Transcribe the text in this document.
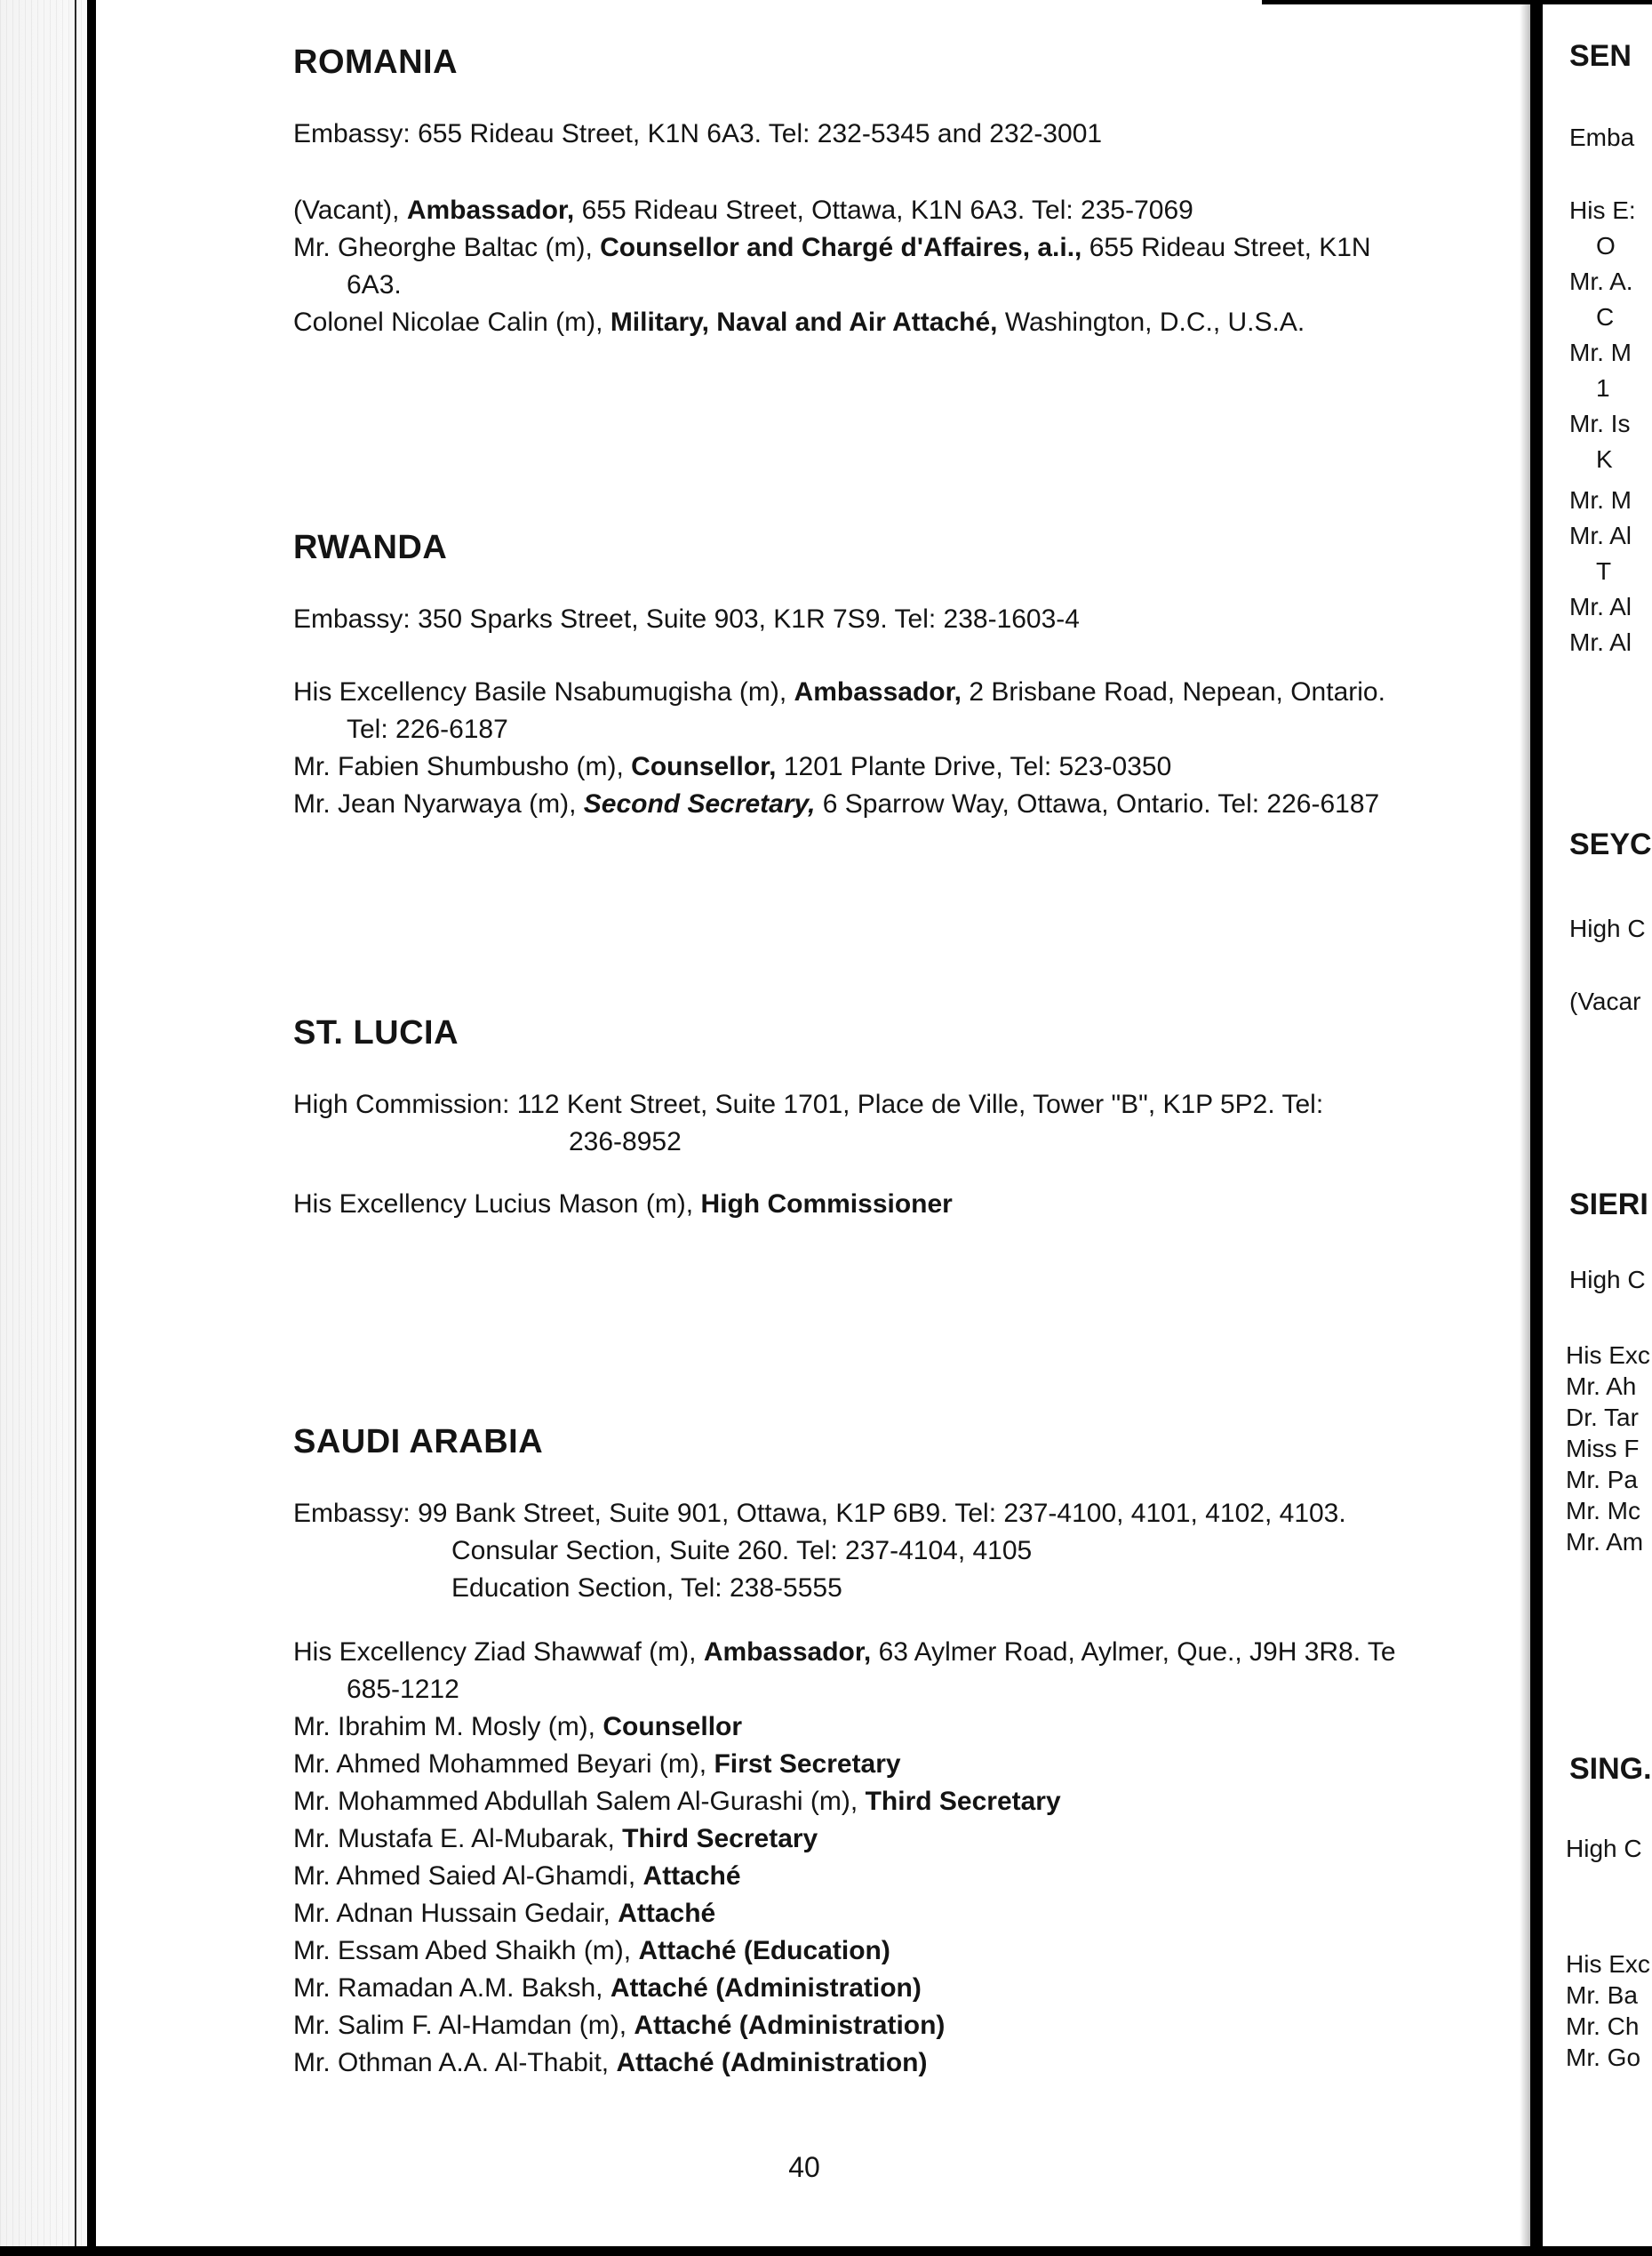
ROMANIA

Embassy: 655 Rideau Street, K1N 6A3. Tel: 232-5345 and 232-3001

(Vacant), Ambassador, 655 Rideau Street, Ottawa, K1N 6A3. Tel: 235-7069

Mr. Gheorghe Baltac (m), Counsellor and Chargé d'Affaires, a.i., 655 Rideau Street, K1N

6A3.

Colonel Nicolae Calin (m), Military, Naval and Air Attaché, Washington, D.C., U.S.A.

RWANDA

Embassy: 350 Sparks Street, Suite 903, K1R 7S9. Tel: 238-1603-4

His Excellency Basile Nsabumugisha (m), Ambassador, 2 Brisbane Road, Nepean, Ontario.

Tel: 226-6187

Mr. Fabien Shumbusho (m), Counsellor, 1201 Plante Drive, Tel: 523-0350

Mr. Jean Nyarwaya (m), Second Secretary, 6 Sparrow Way, Ottawa, Ontario. Tel: 226-6187

ST. LUCIA

High Commission: 112 Kent Street, Suite 1701, Place de Ville, Tower "B", K1P 5P2. Tel:

236-8952

His Excellency Lucius Mason (m), High Commissioner

SAUDI ARABIA

Embassy: 99 Bank Street, Suite 901, Ottawa, K1P 6B9. Tel: 237-4100, 4101, 4102, 4103.

Consular Section, Suite 260. Tel: 237-4104, 4105

Education Section, Tel: 238-5555

His Excellency Ziad Shawwaf (m), Ambassador, 63 Aylmer Road, Aylmer, Que., J9H 3R8. Te

685-1212

Mr. Ibrahim M. Mosly (m), Counsellor

Mr. Ahmed Mohammed Beyari (m), First Secretary

Mr. Mohammed Abdullah Salem Al-Gurashi (m), Third Secretary

Mr. Mustafa E. Al-Mubarak, Third Secretary

Mr. Ahmed Saied Al-Ghamdi, Attaché

Mr. Adnan Hussain Gedair, Attaché

Mr. Essam Abed Shaikh (m), Attaché (Education)

Mr. Ramadan A.M. Baksh, Attaché (Administration)

Mr. Salim F. Al-Hamdan (m), Attaché (Administration)

Mr. Othman A.A. Al-Thabit, Attaché (Administration)

40

SEN
Emba
His E:
O
Mr. A.
C
Mr. M
1
Mr. Is
K
Mr. M
Mr. Al
T
Mr. Al
Mr. Al
SEYC
High C
(Vacar
SIERI
High C
His Exc
Mr. Ah
Dr. Tar
Miss F
Mr. Pa
Mr. Mc
Mr. Am
SING.
High C
His Exc
Mr. Ba
Mr. Ch
Mr. Go
